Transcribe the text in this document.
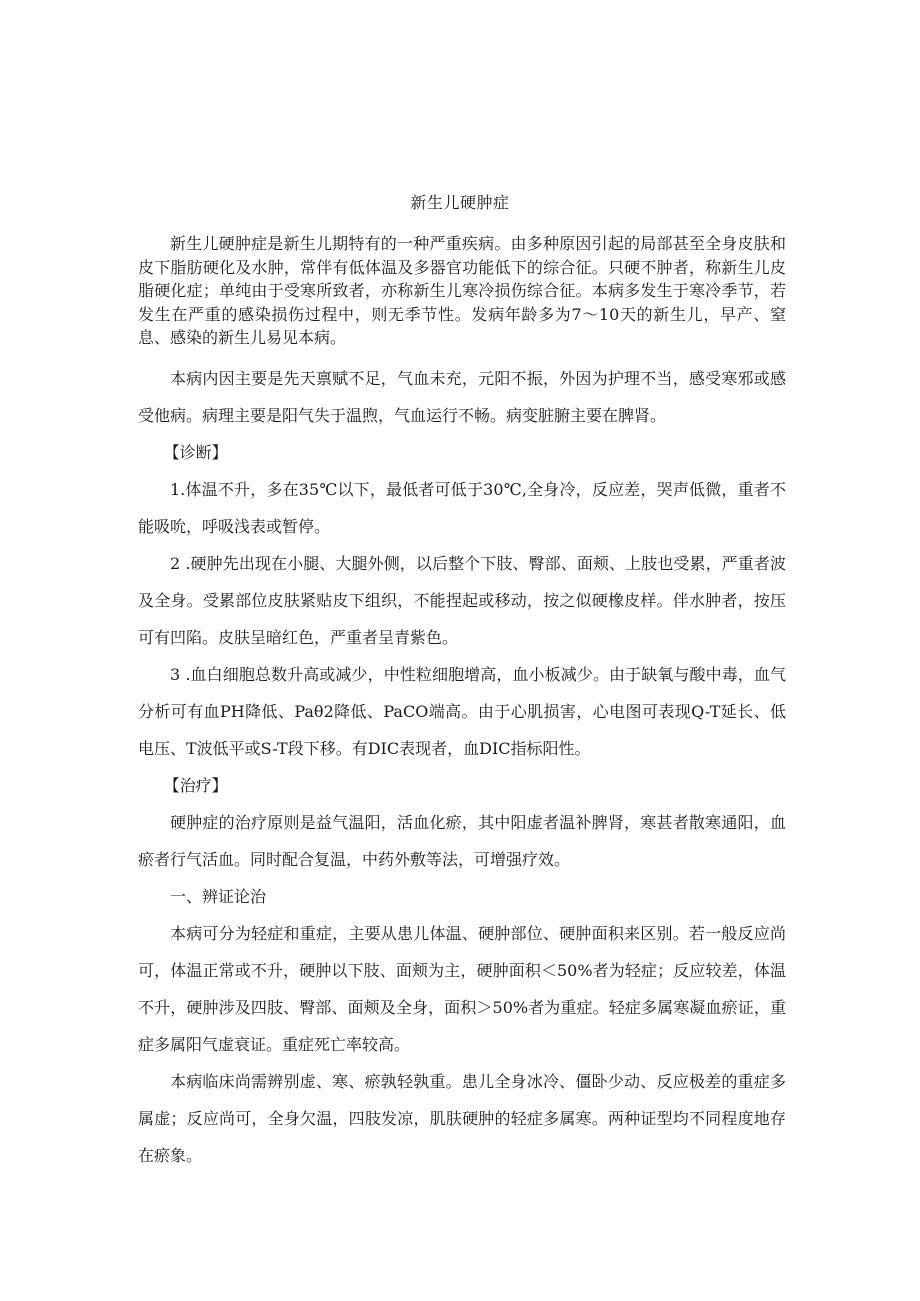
新生儿硬肿症

新生儿硬肿症是新生儿期特有的一种严重疾病。由多种原因引起的局部甚至全身皮肤和皮下脂肪硬化及水肿，常伴有低体温及多器官功能低下的综合征。只硬不肿者，称新生儿皮脂硬化症；单纯由于受寒所致者，亦称新生儿寒冷损伤综合征。本病多发生于寒冷季节，若发生在严重的感染损伤过程中，则无季节性。发病年龄多为7～10天的新生儿，早产、窒息、感染的新生儿易见本病。

本病内因主要是先天禀赋不足，气血未充，元阳不振，外因为护理不当，感受寒邪或感受他病。病理主要是阳气失于温煦，气血运行不畅。病变脏腑主要在脾肾。

【诊断】

1.体温不升，多在35℃以下，最低者可低于30℃,全身冷，反应差，哭声低微，重者不能吸吮，呼吸浅表或暂停。

2 .硬肿先出现在小腿、大腿外侧，以后整个下肢、臀部、面颊、上肢也受累，严重者波及全身。受累部位皮肤紧贴皮下组织，不能捏起或移动，按之似硬橡皮样。伴水肿者，按压可有凹陷。皮肤呈暗红色，严重者呈青紫色。

3 .血白细胞总数升高或减少，中性粒细胞增高，血小板减少。由于缺氧与酸中毒，血气分析可有血PH降低、Paθ2降低、PaCO端高。由于心肌损害，心电图可表现Q-T延长、低电压、T波低平或S-T段下移。有DIC表现者，血DIC指标阳性。

【治疗】

硬肿症的治疗原则是益气温阳，活血化瘀，其中阳虚者温补脾肾，寒甚者散寒通阳，血瘀者行气活血。同时配合复温，中药外敷等法，可增强疗效。

一、辨证论治

本病可分为轻症和重症，主要从患儿体温、硬肿部位、硬肿面积来区别。若一般反应尚可，体温正常或不升，硬肿以下肢、面颊为主，硬肿面积＜50%者为轻症；反应较差，体温不升，硬肿涉及四肢、臀部、面颊及全身，面积＞50%者为重症。轻症多属寒凝血瘀证，重症多属阳气虚衰证。重症死亡率较高。

本病临床尚需辨别虚、寒、瘀孰轻孰重。患儿全身冰冷、僵卧少动、反应极差的重症多属虚；反应尚可，全身欠温，四肢发凉，肌肤硬肿的轻症多属寒。两种证型均不同程度地存在瘀象。
